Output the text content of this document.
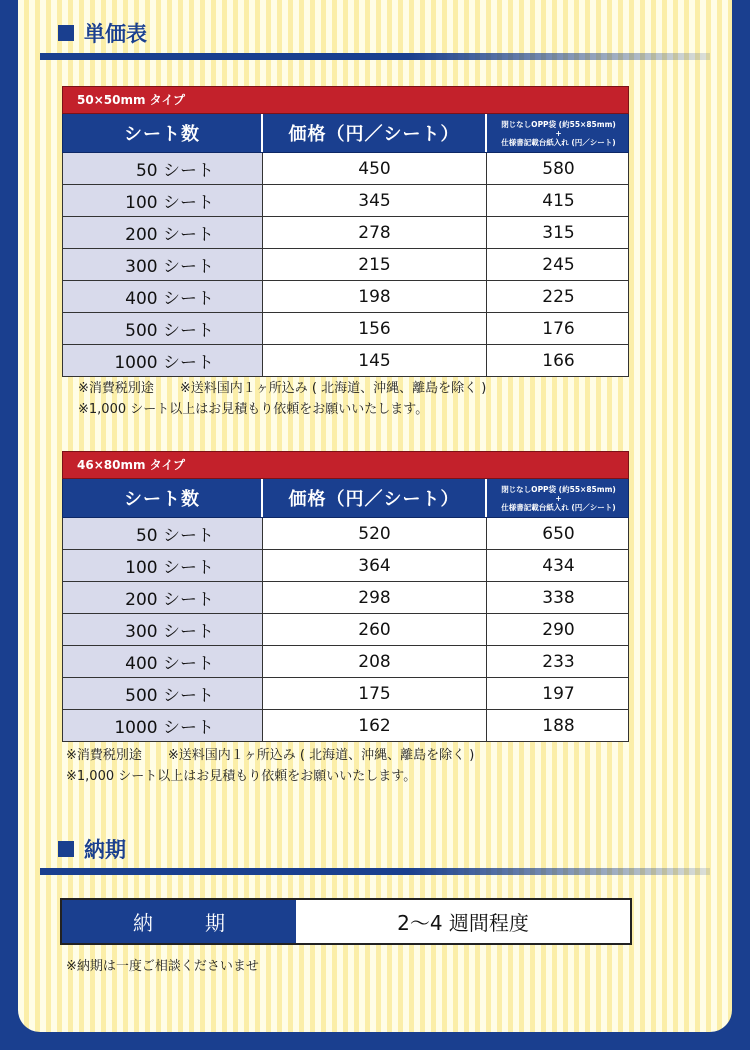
単価表
50×50mm タイプ
シート数	価格（円／シート）	閉じなしOPP袋 (約55×85mm)
+
仕様書記載台紙入れ (円／シート)
50 シート	450	580
100 シート	345	415
200 シート	278	315
300 シート	215	245
400 シート	198	225
500 シート	156	176
1000 シート	145	166
※消費税別途　　※送料国内１ヶ所込み ( 北海道、沖縄、離島を除く )
※1,000 シート以上はお見積もり依頼をお願いいたします。
46×80mm タイプ
シート数	価格（円／シート）	閉じなしOPP袋 (約55×85mm)
+
仕様書記載台紙入れ (円／シート)
50 シート	520	650
100 シート	364	434
200 シート	298	338
300 シート	260	290
400 シート	208	233
500 シート	175	197
1000 シート	162	188
※消費税別途　　※送料国内１ヶ所込み ( 北海道、沖縄、離島を除く )
※1,000 シート以上はお見積もり依頼をお願いいたします。
納期
納　期	2～4 週間程度
※納期は一度ご相談くださいませ
